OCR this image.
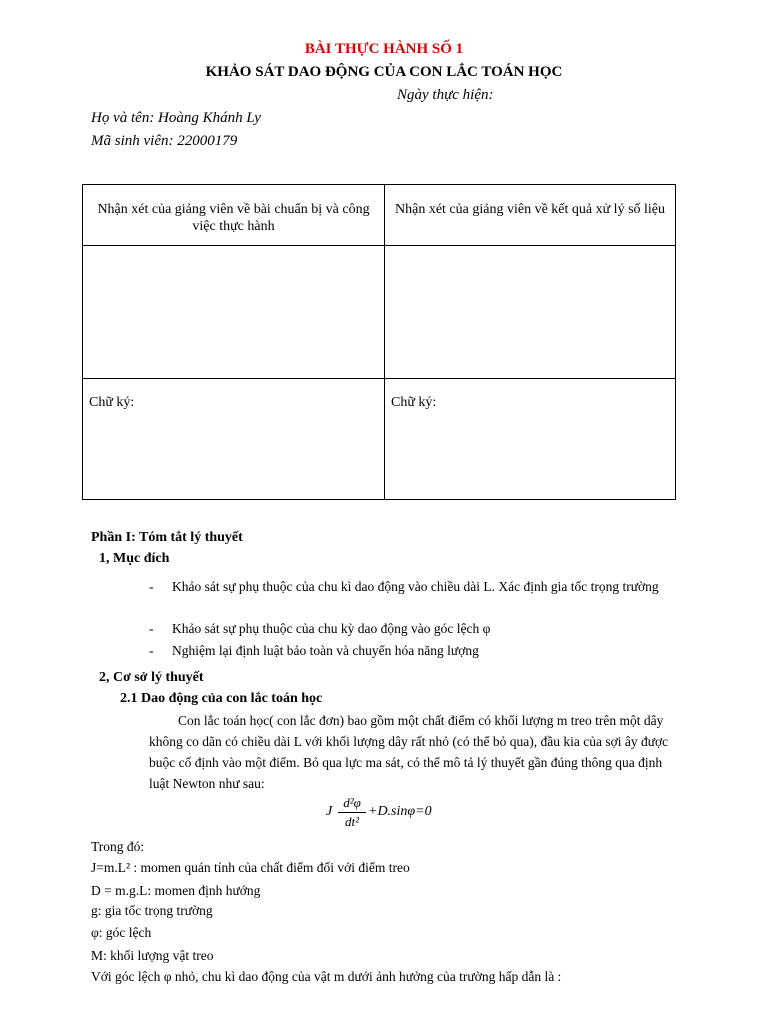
BÀI THỰC HÀNH SỐ 1
KHẢO SÁT DAO ĐỘNG CỦA CON LẮC TOÁN HỌC
Ngày thực hiện:
Họ và tên: Hoàng Khánh Ly
Mã sinh viên: 22000179
Nhận xét của giảng viên về bài chuẩn bị và công việc thực hành	Nhận xét của giảng viên về kết quả xử lý số liệu

Chữ ký:	Chữ ký:
Phần I: Tóm tắt lý thuyết
1, Mục đích
- Khảo sát sự phụ thuộc của chu kì dao động vào chiều dài L. Xác định gia tốc trọng trường
- Khảo sát sự phụ thuộc của chu kỳ dao động vào góc lệch φ
- Nghiệm lại định luật bảo toàn và chuyển hóa năng lượng
2, Cơ sở lý thuyết
2.1 Dao động của con lắc toán học
Con lắc toán học( con lắc đơn) bao gồm một chất điểm có khối lượng m treo trên một dây không co dãn có chiều dài L với khối lượng dây rất nhỏ (có thể bỏ qua), đầu kia của sợi ây được buộc cố định vào một điểm. Bỏ qua lực ma sát, có thể mô tả lý thuyết gần đúng thông qua định luật Newton như sau:
J $\frac{\text{d²φ}}{\text{dt²}} +D.\sin\varphi=0$
Trong đó:
J=m.L² : momen quán tính của chất điểm đối với điểm treo
D = m.g.L: momen định hướng
g: gia tốc trọng trường
φ: góc lệch
M: khối lượng vật treo
Với góc lệch φ nhỏ, chu kì dao động của vật m dưới ảnh hưởng của trường hấp dẫn là :
